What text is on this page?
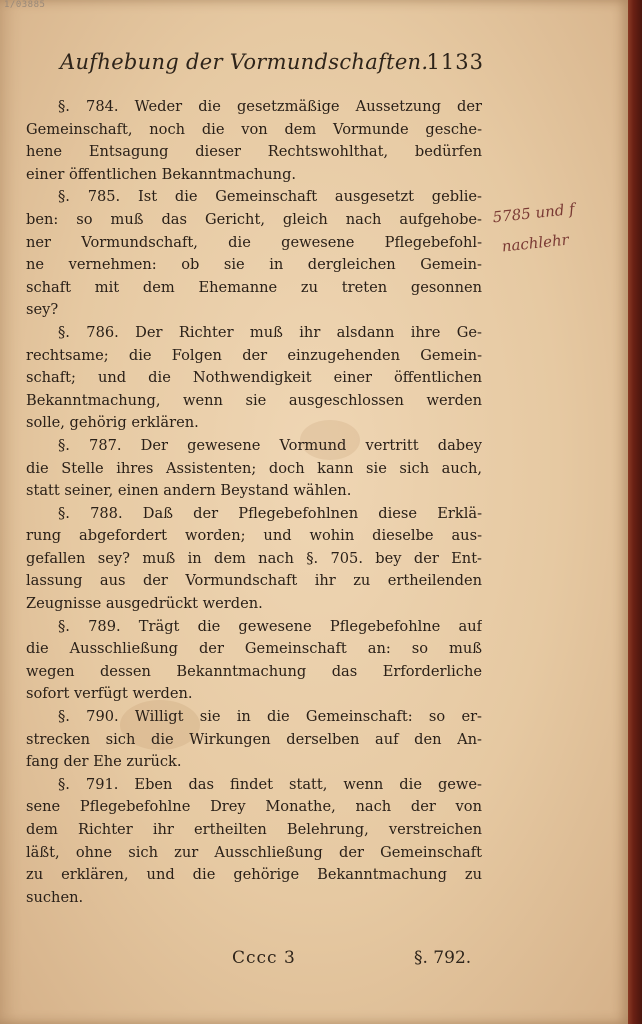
1/03885
Aufhebung der Vormundschaften.
1133
§. 784. Weder die gesetzmäßige Aussetzung der
Gemeinschaft, noch die von dem Vormunde gesche-
hene Entsagung dieser Rechtswohlthat, bedürfen
einer öffentlichen Bekanntmachung.
§. 785. Ist die Gemeinschaft ausgesetzt geblie-
ben: so muß das Gericht, gleich nach aufgehobe-
ner Vormundschaft, die gewesene Pflegebefohl-
ne vernehmen: ob sie in dergleichen Gemein-
schaft mit dem Ehemanne zu treten gesonnen
sey?
§. 786. Der Richter muß ihr alsdann ihre Ge-
rechtsame; die Folgen der einzugehenden Gemein-
schaft; und die Nothwendigkeit einer öffentlichen
Bekanntmachung, wenn sie ausgeschlossen werden
solle, gehörig erklären.
§. 787. Der gewesene Vormund vertritt dabey
die Stelle ihres Assistenten; doch kann sie sich auch,
statt seiner, einen andern Beystand wählen.
§. 788. Daß der Pflegebefohlnen diese Erklä-
rung abgefordert worden; und wohin dieselbe aus-
gefallen sey? muß in dem nach §. 705. bey der Ent-
lassung aus der Vormundschaft ihr zu ertheilenden
Zeugnisse ausgedrückt werden.
§. 789. Trägt die gewesene Pflegebefohlne auf
die Ausschließung der Gemeinschaft an: so muß
wegen dessen Bekanntmachung das Erforderliche
sofort verfügt werden.
§. 790. Willigt sie in die Gemeinschaft: so er-
strecken sich die Wirkungen derselben auf den An-
fang der Ehe zurück.
§. 791. Eben das findet statt, wenn die gewe-
sene Pflegebefohlne Drey Monathe, nach der von
dem Richter ihr ertheilten Belehrung, verstreichen
läßt, ohne sich zur Ausschließung der Gemeinschaft
zu erklären, und die gehörige Bekanntmachung zu
suchen.
5785 und f
nachlehr
Cccc 3	§. 792.
